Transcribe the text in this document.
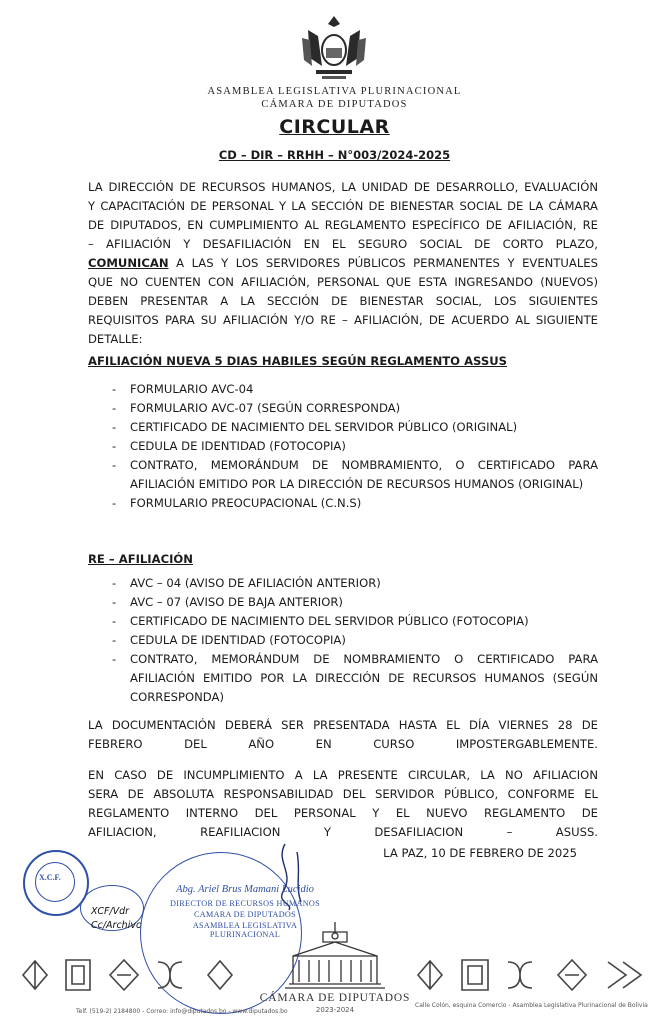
ASAMBLEA LEGISLATIVA PLURINACIONAL
CÁMARA DE DIPUTADOS
CIRCULAR
CD – DIR – RRHH – N°003/2024-2025
LA DIRECCIÓN DE RECURSOS HUMANOS, LA UNIDAD DE DESARROLLO, EVALUACIÓN
Y CAPACITACIÓN DE PERSONAL Y LA SECCIÓN DE BIENESTAR SOCIAL DE LA CÁMARA
DE DIPUTADOS, EN CUMPLIMIENTO AL REGLAMENTO ESPECÍFICO DE AFILIACIÓN, RE
– AFILIACIÓN Y DESAFILIACIÓN EN EL SEGURO SOCIAL DE CORTO PLAZO,
COMUNICAN A LAS Y LOS SERVIDORES PÚBLICOS PERMANENTES Y EVENTUALES
QUE NO CUENTEN CON AFILIACIÓN, PERSONAL QUE ESTA INGRESANDO (NUEVOS)
DEBEN PRESENTAR A LA SECCIÓN DE BIENESTAR SOCIAL, LOS SIGUIENTES
REQUISITOS PARA SU AFILIACIÓN Y/O RE – AFILIACIÓN, DE ACUERDO AL SIGUIENTE
DETALLE:
AFILIACIÓN NUEVA 5 DIAS HABILES SEGÚN REGLAMENTO ASSUS
- FORMULARIO AVC-04
- FORMULARIO AVC-07 (SEGÚN CORRESPONDA)
- CERTIFICADO DE NACIMIENTO DEL SERVIDOR PÚBLICO (ORIGINAL)
- CEDULA DE IDENTIDAD (FOTOCOPIA)
- CONTRATO, MEMORÁNDUM DE NOMBRAMIENTO, O CERTIFICADO PARA AFILIACIÓN EMITIDO POR LA DIRECCIÓN DE RECURSOS HUMANOS (ORIGINAL)
- FORMULARIO PREOCUPACIONAL (C.N.S)
RE – AFILIACIÓN
- AVC – 04 (AVISO DE AFILIACIÓN ANTERIOR)
- AVC – 07 (AVISO DE BAJA ANTERIOR)
- CERTIFICADO DE NACIMIENTO DEL SERVIDOR PÚBLICO (FOTOCOPIA)
- CEDULA DE IDENTIDAD (FOTOCOPIA)
- CONTRATO, MEMORÁNDUM DE NOMBRAMIENTO O CERTIFICADO PARA AFILIACIÓN EMITIDO POR LA DIRECCIÓN DE RECURSOS HUMANOS (SEGÚN CORRESPONDA)
LA DOCUMENTACIÓN DEBERÁ SER PRESENTADA HASTA EL DÍA VIERNES 28 DE
FEBRERO DEL AÑO EN CURSO IMPOSTERGABLEMENTE.
EN CASO DE INCUMPLIMIENTO A LA PRESENTE CIRCULAR, LA NO AFILIACION
SERA DE ABSOLUTA RESPONSABILIDAD DEL SERVIDOR PÚBLICO, CONFORME EL
REGLAMENTO INTERNO DEL PERSONAL Y EL NUEVO REGLAMENTO DE
AFILIACION, REAFILIACION Y DESAFILIACION – ASUSS.
LA PAZ, 10 DE FEBRERO DE 2025
X.C.F.
XCF/Vdr
Cc/Archivo
Abg. Ariel Brus Mamani Lucidio
DIRECTOR DE RECURSOS HUMANOS
CAMARA DE DIPUTADOS
ASAMBLEA LEGISLATIVA PLURINACIONAL
CÁMARA DE DIPUTADOS
2023-2024
Telf. (519-2) 2184800 - Correo: info@diputados.bo - www.diputados.bo
Calle Colón, esquina Comercio - Asamblea Legislativa Plurinacional de Bolivia
